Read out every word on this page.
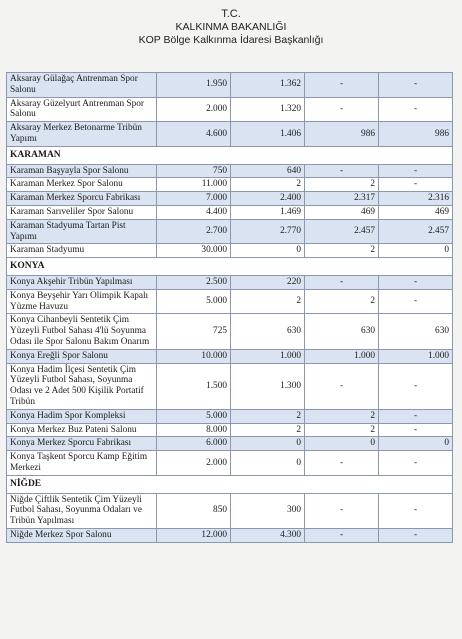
T.C.
KALKINMA BAKANLIĞI
KOP Bölge Kalkınma İdaresi Başkanlığı
Aksaray Gülağaç Antrenman Spor Salonu	1.950	1.362	-	-
Aksaray Güzelyurt Antrenman Spor Salonu	2.000	1.320	-	-
Aksaray Merkez Betonarme Tribün Yapımı	4.600	1.406	986	986
KARAMAN				
Karaman Başyayla Spor Salonu	750	640	-	-
Karaman Merkez Spor Salonu	11.000	2	2	-
Karaman Merkez Sporcu Fabrikası	7.000	2.400	2.317	2.316
Karaman Sarıveliler Spor Salonu	4.400	1.469	469	469
Karaman Stadyuma Tartan Pist Yapımı	2.700	2.770	2.457	2.457
Karaman Stadyumu	30.000	0	2	0
KONYA				
Konya Akşehir Tribün Yapılması	2.500	220	-	-
Konya Beyşehir Yarı Olimpik Kapalı Yüzme Havuzu	5.000	2	2	-
Konya Cihanbeyli Sentetik Çim Yüzeyli Futbol Sahası 4'lü Soyunma Odası ile Spor Salonu Bakım Onarım	725	630	630	630
Konya Ereğli Spor Salonu	10.000	1.000	1.000	1.000
Konya Hadim İlçesi Sentetik Çim Yüzeyli Futbol Sahası, Soyunma Odası ve 2 Adet 500 Kişilik Portatif Tribün	1.500	1.300	-	-
Konya Hadim Spor Kompleksi	5.000	2	2	-
Konya Merkez Buz Pateni Salonu	8.000	2	2	-
Konya Merkez Sporcu Fabrikası	6.000	0	0	0
Konya Taşkent Sporcu Kamp Eğitim Merkezi	2.000	0	-	-
NİĞDE				
Niğde Çiftlik Sentetik Çim Yüzeyli Futbol Sahası, Soyunma Odaları ve Tribün Yapılması	850	300	-	-
Niğde Merkez Spor Salonu	12.000	4.300	-	-
